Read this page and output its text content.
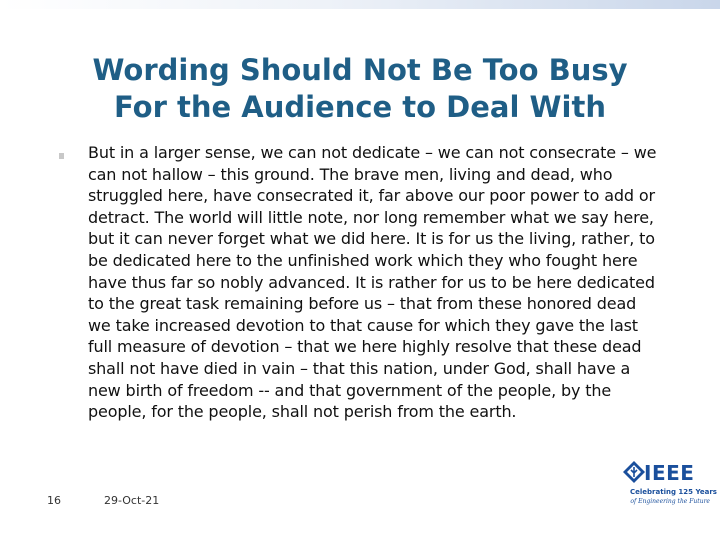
Wording Should Not Be Too Busy
For the Audience to Deal With

But in a larger sense, we can not dedicate – we can not consecrate – we can not hallow – this ground. The brave men, living and dead, who struggled here, have consecrated it, far above our poor power to add or detract. The world will little note, nor long remember what we say here, but it can never forget what we did here. It is for us the living, rather, to be dedicated here to the unfinished work which they who fought here have thus far so nobly advanced. It is rather for us to be here dedicated to the great task remaining before us – that from these honored dead we take increased devotion to that cause for which they gave the last full measure of devotion – that we here highly resolve that these dead shall not have died in vain – that this nation, under God, shall have a new birth of freedom -- and that government of the people, by the people, for the people, shall not perish from the earth.

16	29-Oct-21
IEEE
Celebrating 125 Years
of Engineering the Future
